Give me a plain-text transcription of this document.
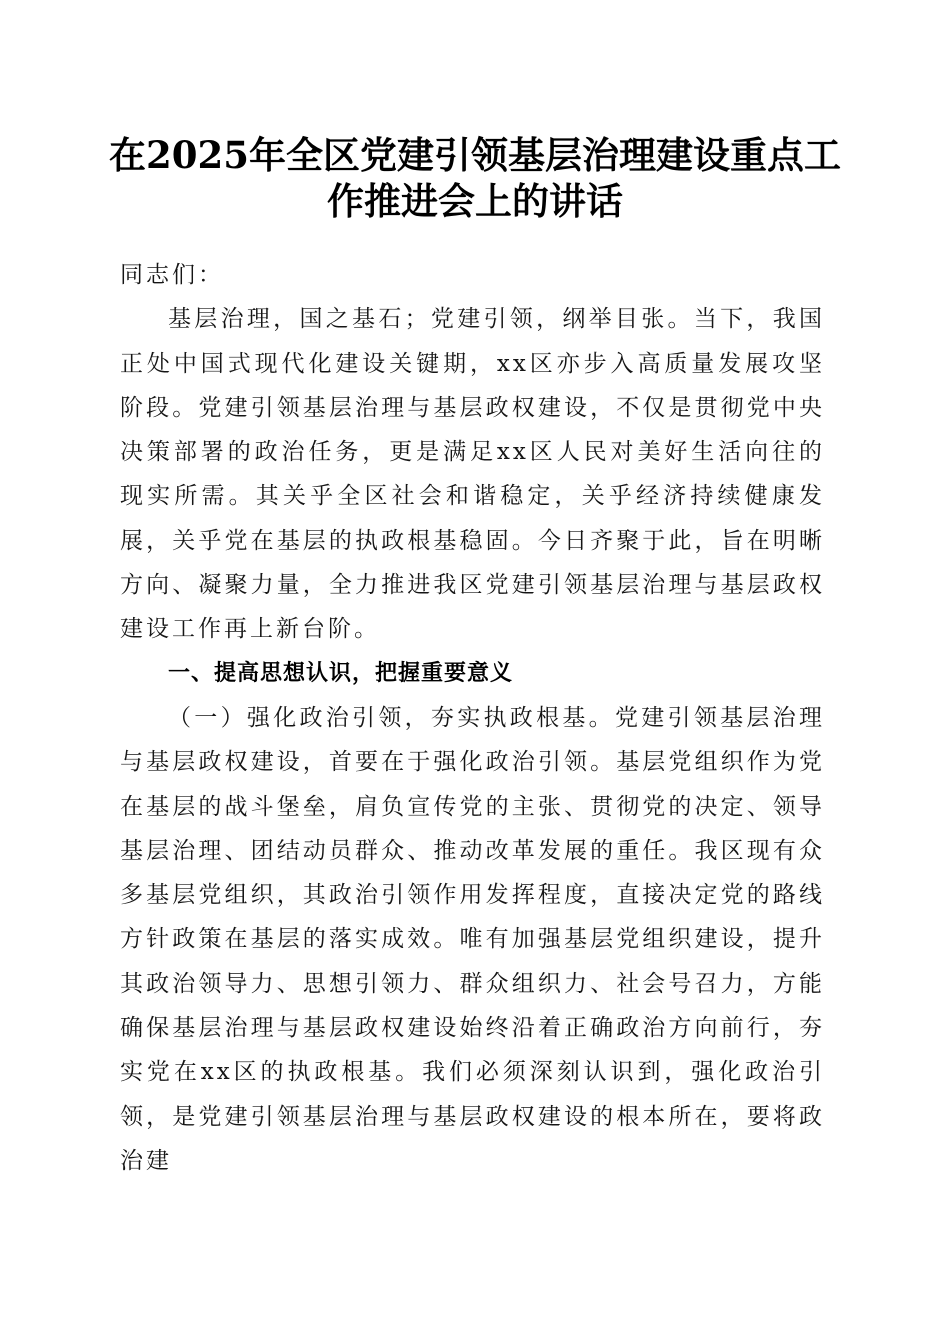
在2025年全区党建引领基层治理建设重点工
作推进会上的讲话

同志们：

基层治理，国之基石；党建引领，纲举目张。当下，我国正处中国式现代化建设关键期，xx区亦步入高质量发展攻坚阶段。党建引领基层治理与基层政权建设，不仅是贯彻党中央决策部署的政治任务，更是满足xx区人民对美好生活向往的现实所需。其关乎全区社会和谐稳定，关乎经济持续健康发展，关乎党在基层的执政根基稳固。今日齐聚于此，旨在明晰方向、凝聚力量，全力推进我区党建引领基层治理与基层政权建设工作再上新台阶。

一、提高思想认识，把握重要意义

（一）强化政治引领，夯实执政根基。党建引领基层治理与基层政权建设，首要在于强化政治引领。基层党组织作为党在基层的战斗堡垒，肩负宣传党的主张、贯彻党的决定、领导基层治理、团结动员群众、推动改革发展的重任。我区现有众多基层党组织，其政治引领作用发挥程度，直接决定党的路线方针政策在基层的落实成效。唯有加强基层党组织建设，提升其政治领导力、思想引领力、群众组织力、社会号召力，方能确保基层治理与基层政权建设始终沿着正确政治方向前行，夯实党在xx区的执政根基。我们必须深刻认识到，强化政治引领，是党建引领基层治理与基层政权建设的根本所在，要将政治建
